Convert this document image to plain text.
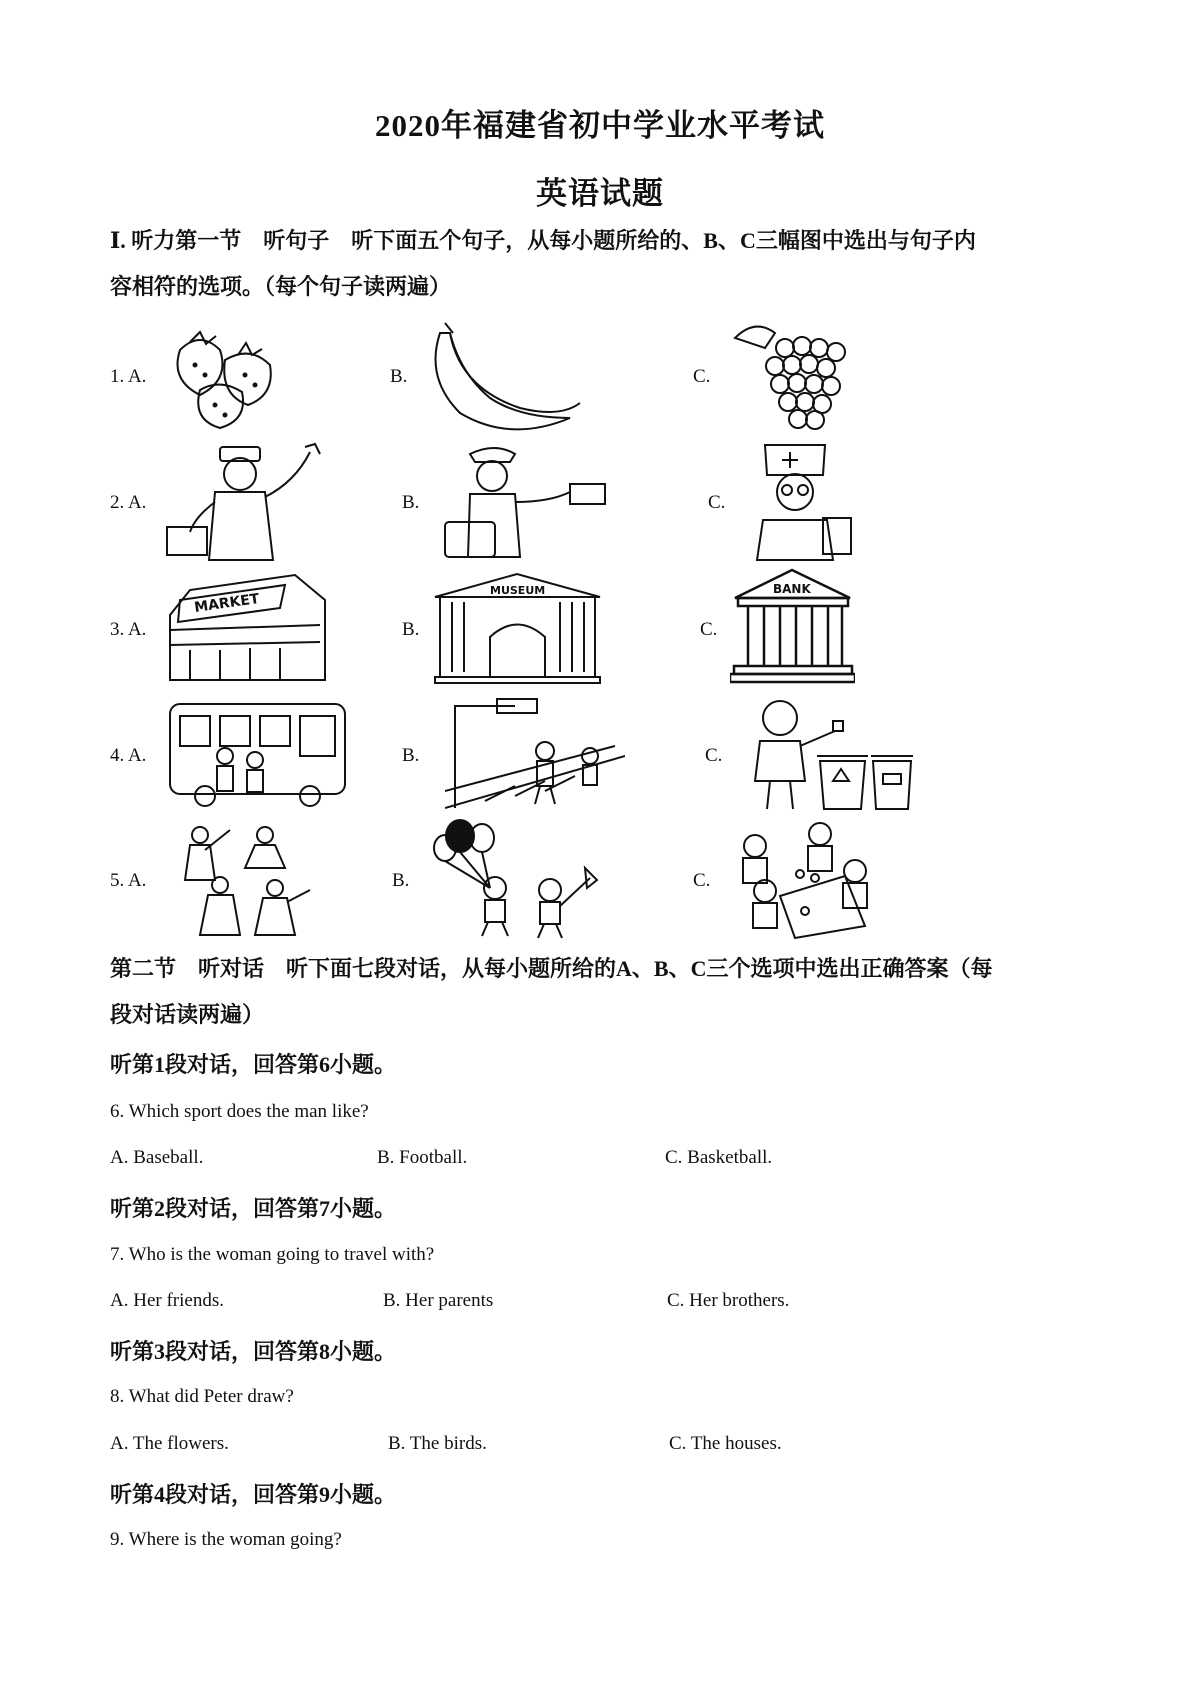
2020年福建省初中学业水平考试
英语试题
Ⅰ. 听力第一节　听句子　听下面五个句子，从每小题所给的、B、C三幅图中选出与句子内
容相符的选项。（每个句子读两遍）
1. A.	B.	C.
2. A.	B.	C.
3. A.	B.	C.
MARKET
MUSEUM	BANK
4. A.	B.	C.
5. A.	B.	C.
第二节　听对话　听下面七段对话，从每小题所给的A、B、C三个选项中选出正确答案（每
段对话读两遍）
听第1段对话，回答第6小题。
6. Which sport does the man like?
A. Baseball.	B. Football.	C. Basketball.
听第2段对话，回答第7小题。
7. Who is the woman going to travel with?
A. Her friends.	B. Her parents	C. Her brothers.
听第3段对话，回答第8小题。
8. What did Peter draw?
A. The flowers.	B. The birds.	C. The houses.
听第4段对话，回答第9小题。
9. Where is the woman going?
